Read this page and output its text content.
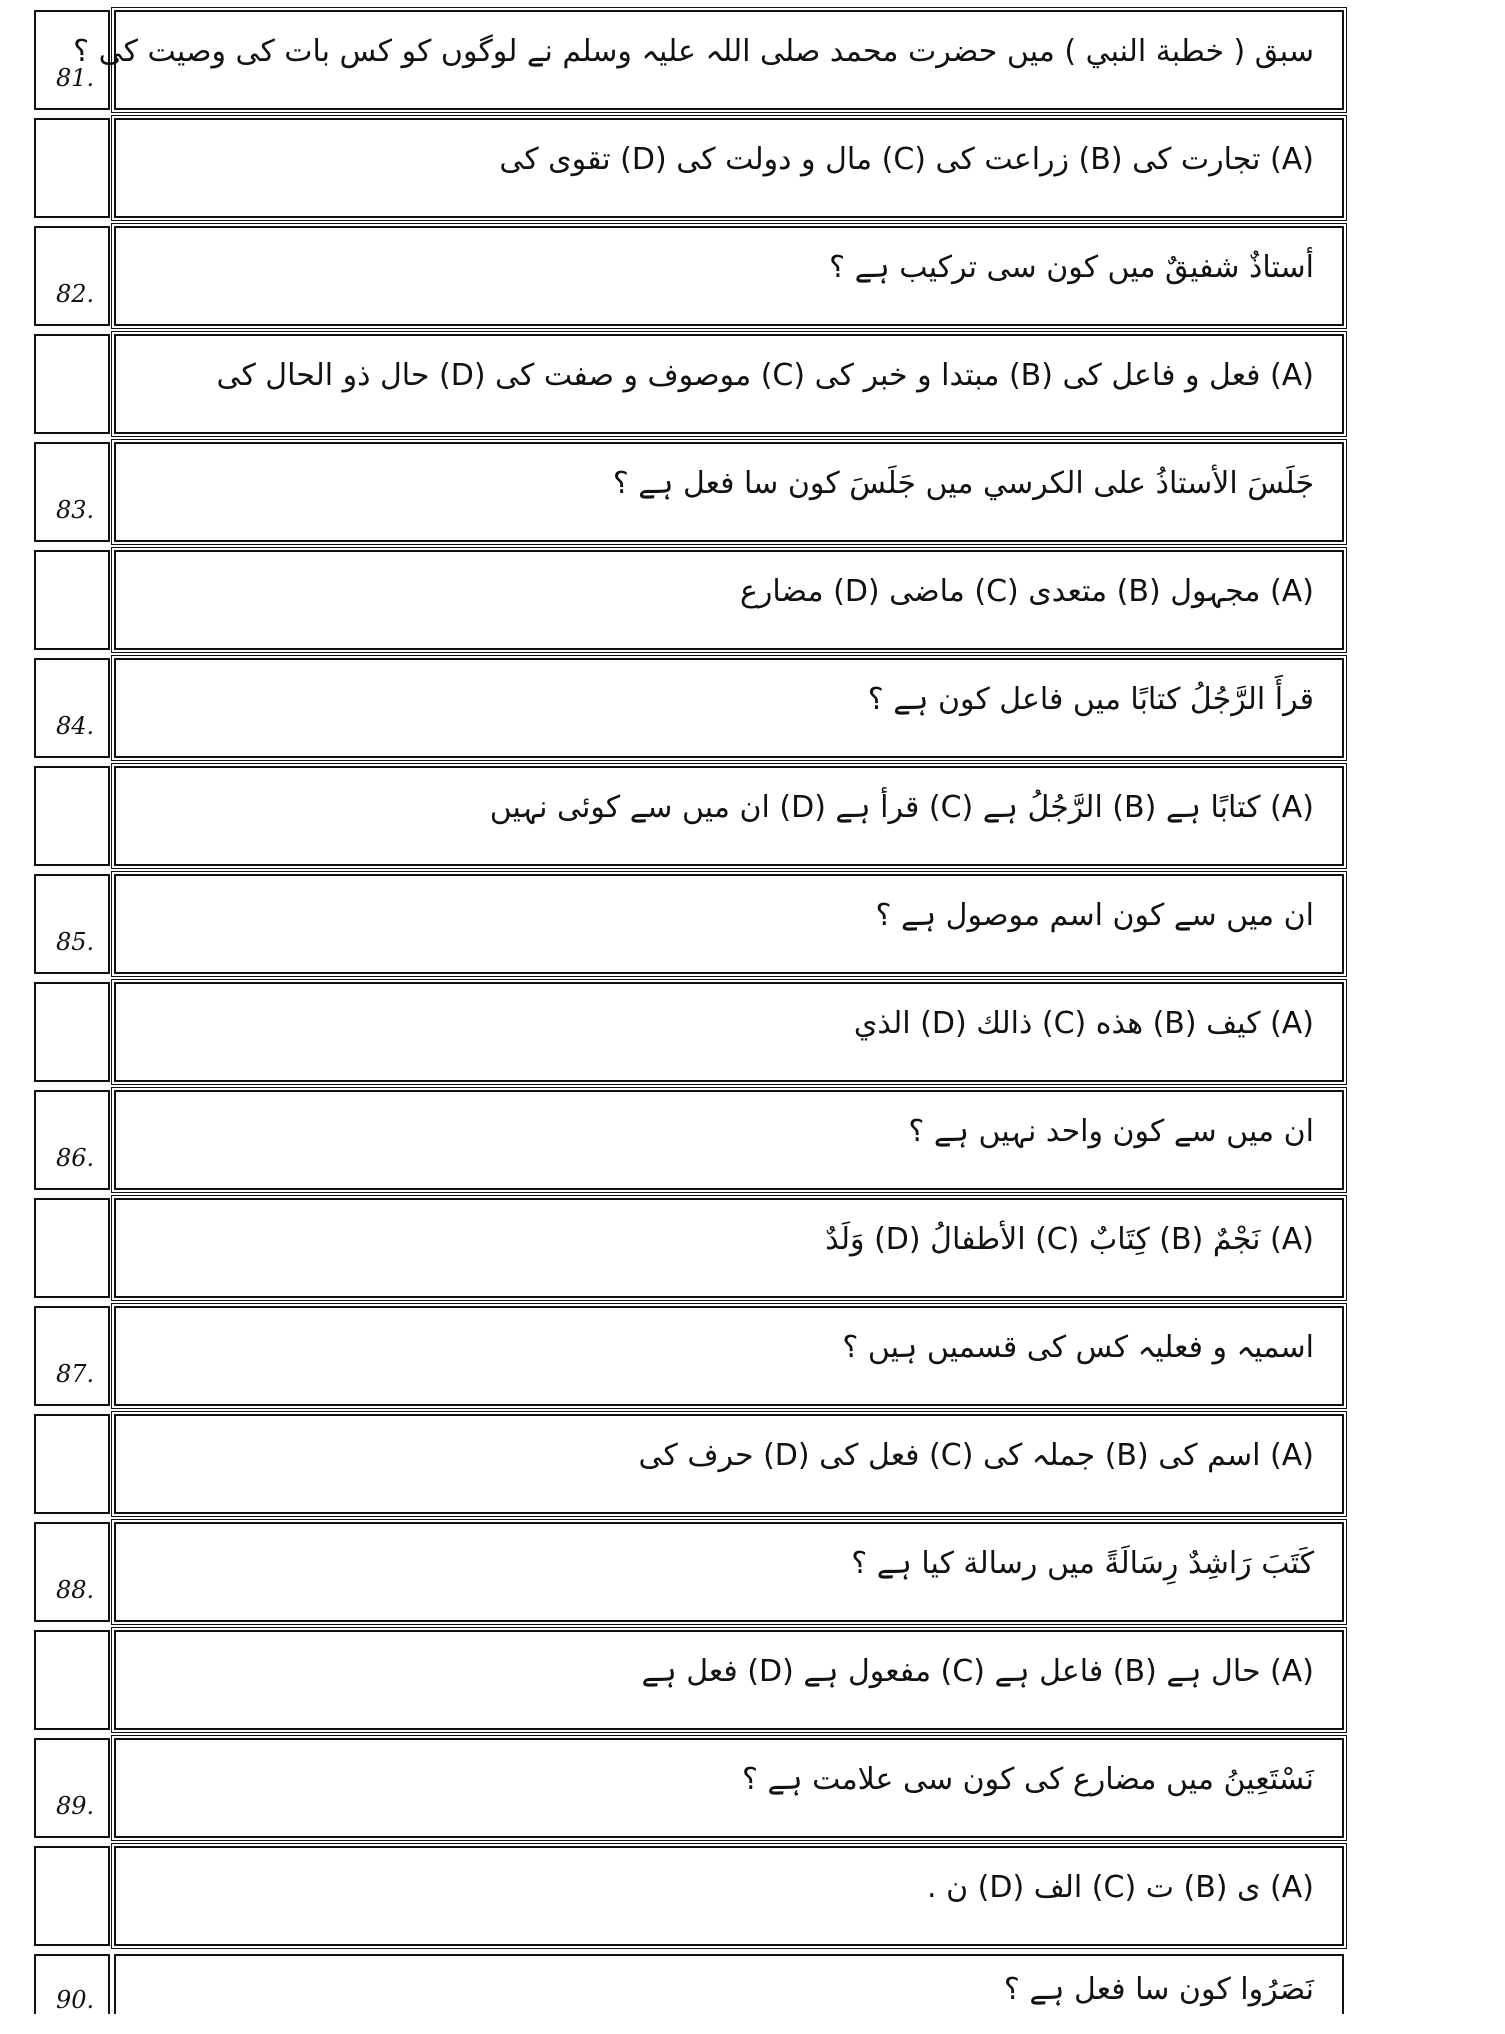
81.
سبق ( خطبة النبي ) میں حضرت محمد صلی اللہ علیہ وسلم نے لوگوں کو کس بات کی وصیت کی ؟
(A) تجارت کی (B) زراعت کی (C) مال و دولت کی (D) تقوی کی
82.
أستاذٌ شفيقٌ میں کون سی ترکیب ہے ؟
(A) فعل و فاعل کی (B) مبتدا و خبر کی (C) موصوف و صفت کی (D) حال ذو الحال کی
83.
جَلَسَ الأستاذُ على الكرسي میں جَلَسَ کون سا فعل ہے ؟
(A) مجہول (B) متعدی (C) ماضی (D) مضارع
84.
قرأَ الرَّجُلُ كتابًا میں فاعل کون ہے ؟
(A) كتابًا ہے (B) الرَّجُلُ ہے (C) قرأ ہے (D) ان میں سے کوئی نہیں
85.
ان میں سے کون اسم موصول ہے ؟
(A) كيف (B) هذه (C) ذالك (D) الذي
86.
ان میں سے کون واحد نہیں ہے ؟
(A) نَجْمٌ (B) كِتَابٌ (C) الأطفالُ (D) وَلَدٌ
87.
اسمیہ و فعلیہ کس کی قسمیں ہیں ؟
(A) اسم کی (B) جملہ کی (C) فعل کی (D) حرف کی
88.
كَتَبَ رَاشِدٌ رِسَالَةً میں رسالة کیا ہے ؟
(A) حال ہے (B) فاعل ہے (C) مفعول ہے (D) فعل ہے
89.
نَسْتَعِينُ میں مضارع کی کون سی علامت ہے ؟
(A) ی (B) ت (C) الف (D) ن .
90.	نَصَرُوا کون سا فعل ہے ؟
